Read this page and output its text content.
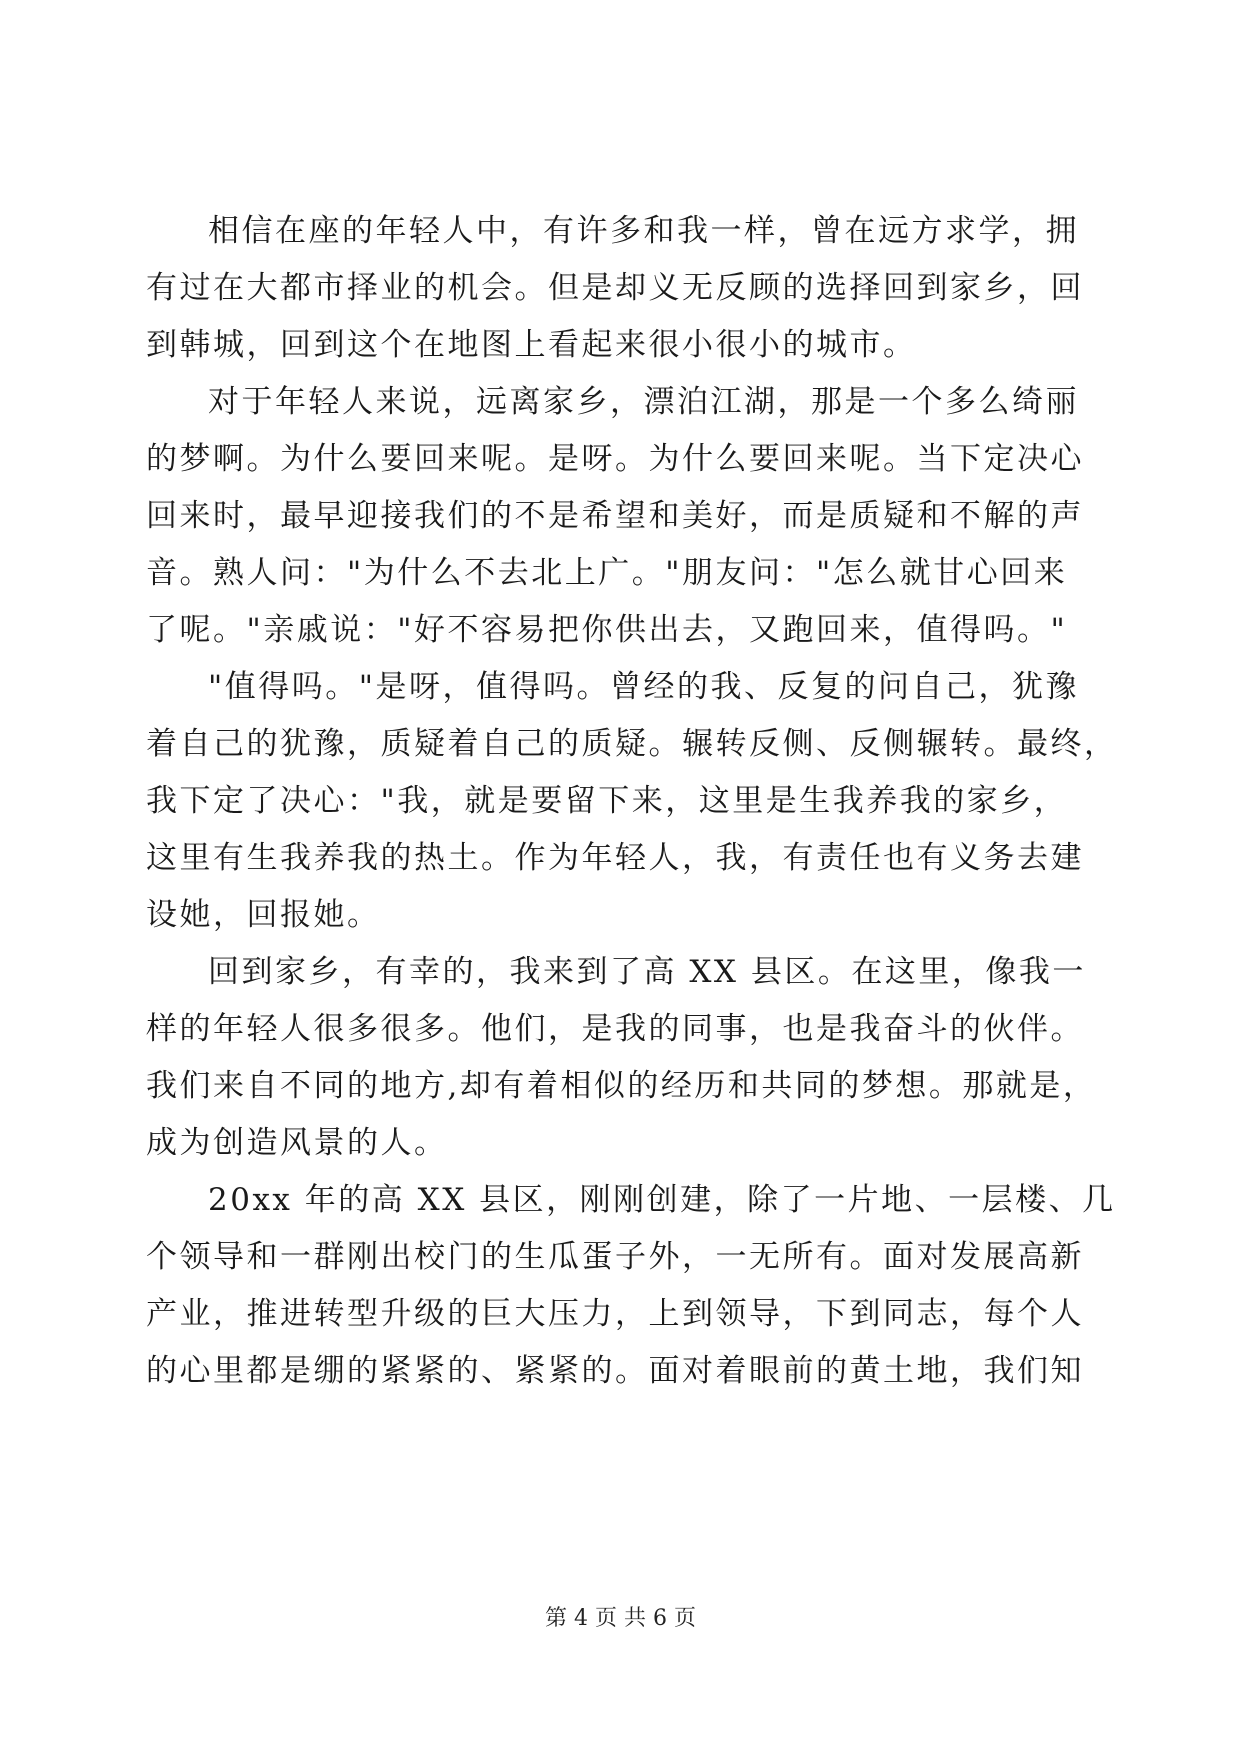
相信在座的年轻人中，有许多和我一样，曾在远方求学，拥
有过在大都市择业的机会。但是却义无反顾的选择回到家乡，回
到韩城，回到这个在地图上看起来很小很小的城市。
对于年轻人来说，远离家乡，漂泊江湖，那是一个多么绮丽
的梦啊。为什么要回来呢。是呀。为什么要回来呢。当下定决心
回来时，最早迎接我们的不是希望和美好，而是质疑和不解的声
音。熟人问："为什么不去北上广。"朋友问："怎么就甘心回来
了呢。"亲戚说："好不容易把你供出去，又跑回来，值得吗。"
"值得吗。"是呀，值得吗。曾经的我、反复的问自己，犹豫
着自己的犹豫，质疑着自己的质疑。辗转反侧、反侧辗转。最终，
我下定了决心："我，就是要留下来，这里是生我养我的家乡，
这里有生我养我的热土。作为年轻人，我，有责任也有义务去建
设她，回报她。
回到家乡，有幸的，我来到了高 XX 县区。在这里，像我一
样的年轻人很多很多。他们，是我的同事，也是我奋斗的伙伴。
我们来自不同的地方,却有着相似的经历和共同的梦想。那就是，
成为创造风景的人。
20xx 年的高 XX 县区，刚刚创建，除了一片地、一层楼、几
个领导和一群刚出校门的生瓜蛋子外，一无所有。面对发展高新
产业，推进转型升级的巨大压力，上到领导，下到同志，每个人
的心里都是绷的紧紧的、紧紧的。面对着眼前的黄土地，我们知
第 4 页 共 6 页
